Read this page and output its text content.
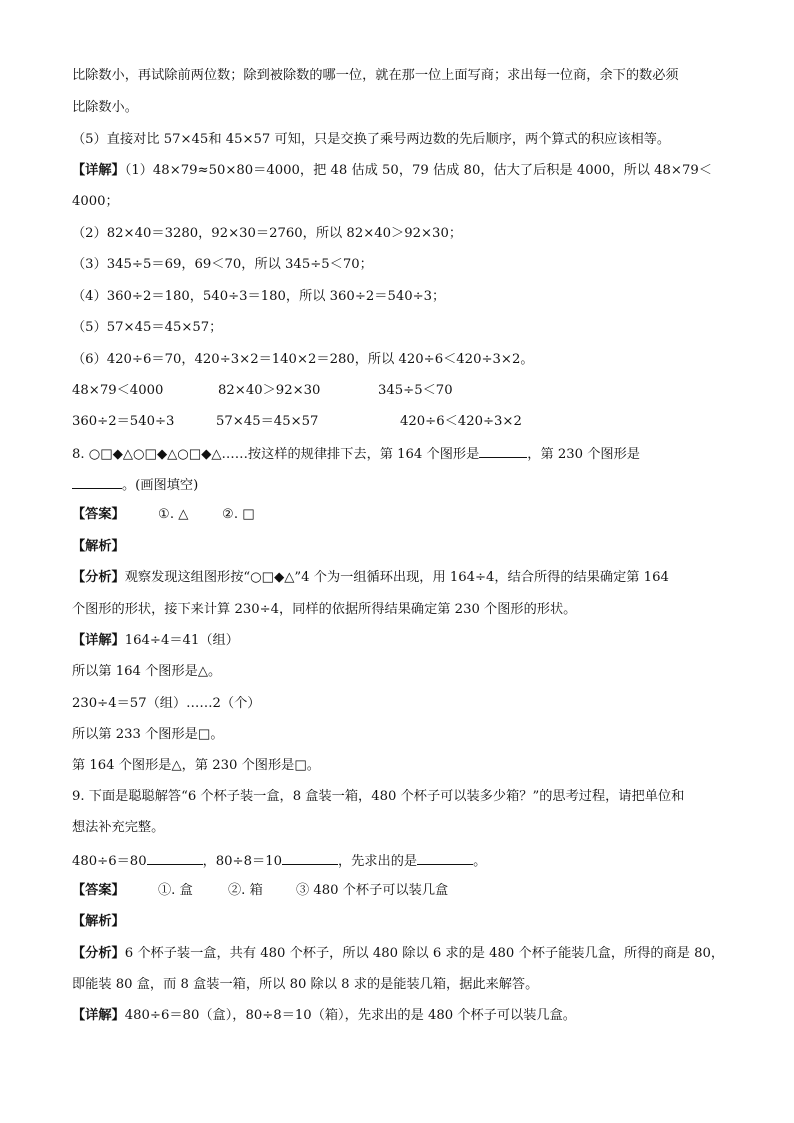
比除数小，再试除前两位数；除到被除数的哪一位，就在那一位上面写商；求出每一位商，余下的数必须
比除数小。
（5）直接对比 57×45和 45×57 可知，只是交换了乘号两边数的先后顺序，两个算式的积应该相等。
【详解】（1）48×79≈50×80＝4000，把 48 估成 50，79 估成 80，估大了后积是 4000，所以 48×79＜
4000；
（2）82×40＝3280，92×30＝2760，所以 82×40＞92×30；
（3）345÷5＝69，69＜70，所以 345÷5＜70；
（4）360÷2＝180，540÷3＝180，所以 360÷2＝540÷3；
（5）57×45＝45×57；
（6）420÷6＝70，420÷3×2＝140×2＝280，所以 420÷6＜420÷3×2。
48×79＜4000	82×40＞92×30	345÷5＜70
360÷2＝540÷3	57×45＝45×57	420÷6＜420÷3×2
8. ○□◆△○□◆△○□◆△……按这样的规律排下去，第 164 个图形是	，第 230 个图形是
。(画图填空)
【答案】	①. △	②. □
【解析】
【分析】观察发现这组图形按“○□◆△”4 个为一组循环出现，用 164÷4，结合所得的结果确定第 164
个图形的形状，接下来计算 230÷4，同样的依据所得结果确定第 230 个图形的形状。
【详解】164÷4＝41（组）
所以第 164 个图形是△。
230÷4＝57（组）……2（个）
所以第 233 个图形是□。
第 164 个图形是△，第 230 个图形是□。
9. 下面是聪聪解答“6 个杯子装一盒，8 盒装一箱，480 个杯子可以装多少箱？”的思考过程，请把单位和
想法补充完整。
480÷6＝80	，80÷8＝10	，先求出的是	。
【答案】	①. 盒	②. 箱	③ 480 个杯子可以装几盒
【解析】
【分析】6 个杯子装一盒，共有 480 个杯子，所以 480 除以 6 求的是 480 个杯子能装几盒，所得的商是 80，
即能装 80 盒，而 8 盒装一箱，所以 80 除以 8 求的是能装几箱，据此来解答。
【详解】480÷6＝80（盒），80÷8＝10（箱），先求出的是 480 个杯子可以装几盒。
